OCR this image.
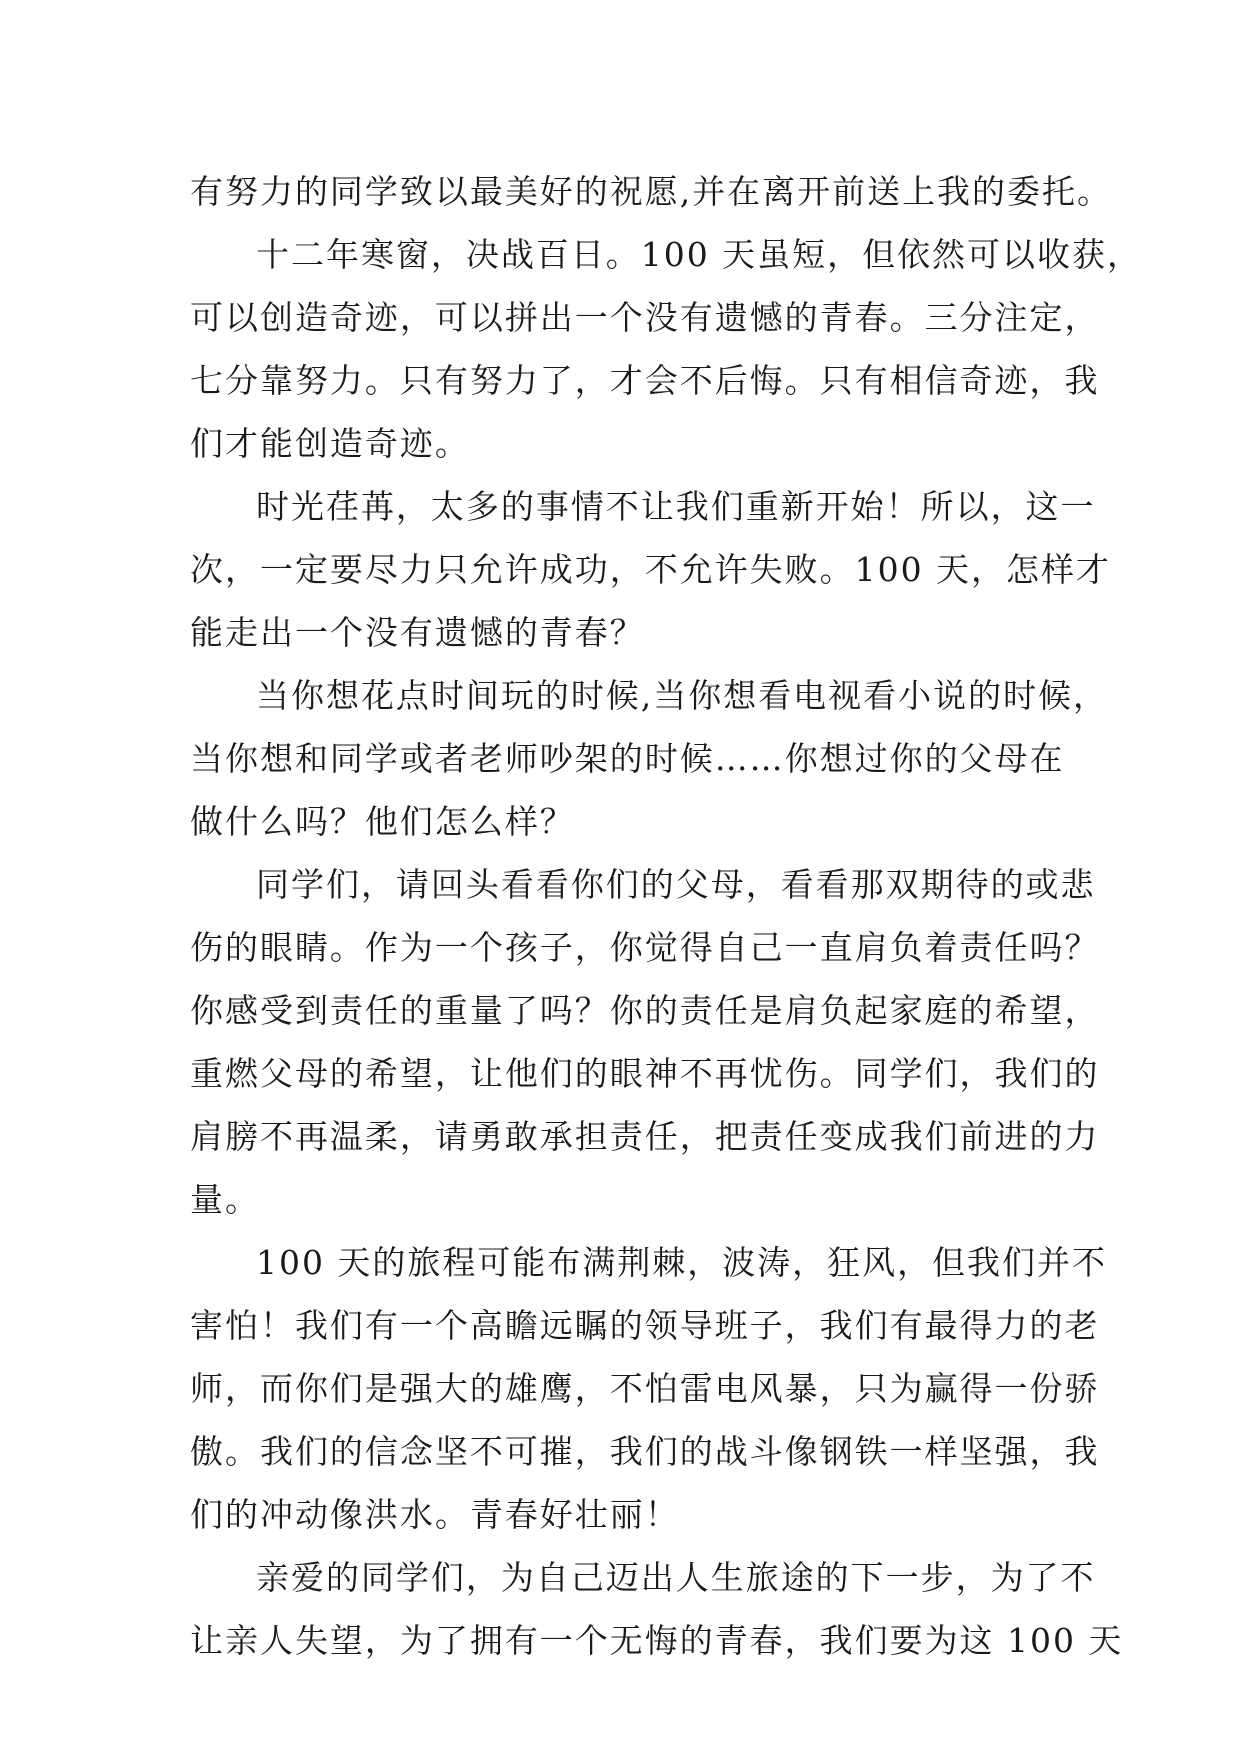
有努力的同学致以最美好的祝愿,并在离开前送上我的委托。
十二年寒窗，决战百日。100 天虽短，但依然可以收获，
可以创造奇迹，可以拼出一个没有遗憾的青春。三分注定，
七分靠努力。只有努力了，才会不后悔。只有相信奇迹，我
们才能创造奇迹。
时光荏苒，太多的事情不让我们重新开始！所以，这一
次，一定要尽力只允许成功，不允许失败。100 天，怎样才
能走出一个没有遗憾的青春？
当你想花点时间玩的时候,当你想看电视看小说的时候，
当你想和同学或者老师吵架的时候……你想过你的父母在
做什么吗？他们怎么样？
同学们，请回头看看你们的父母，看看那双期待的或悲
伤的眼睛。作为一个孩子，你觉得自己一直肩负着责任吗？
你感受到责任的重量了吗？你的责任是肩负起家庭的希望，
重燃父母的希望，让他们的眼神不再忧伤。同学们，我们的
肩膀不再温柔，请勇敢承担责任，把责任变成我们前进的力
量。
100 天的旅程可能布满荆棘，波涛，狂风，但我们并不
害怕！我们有一个高瞻远瞩的领导班子，我们有最得力的老
师，而你们是强大的雄鹰，不怕雷电风暴，只为赢得一份骄
傲。我们的信念坚不可摧，我们的战斗像钢铁一样坚强，我
们的冲动像洪水。青春好壮丽！
亲爱的同学们，为自己迈出人生旅途的下一步，为了不
让亲人失望，为了拥有一个无悔的青春，我们要为这 100 天
